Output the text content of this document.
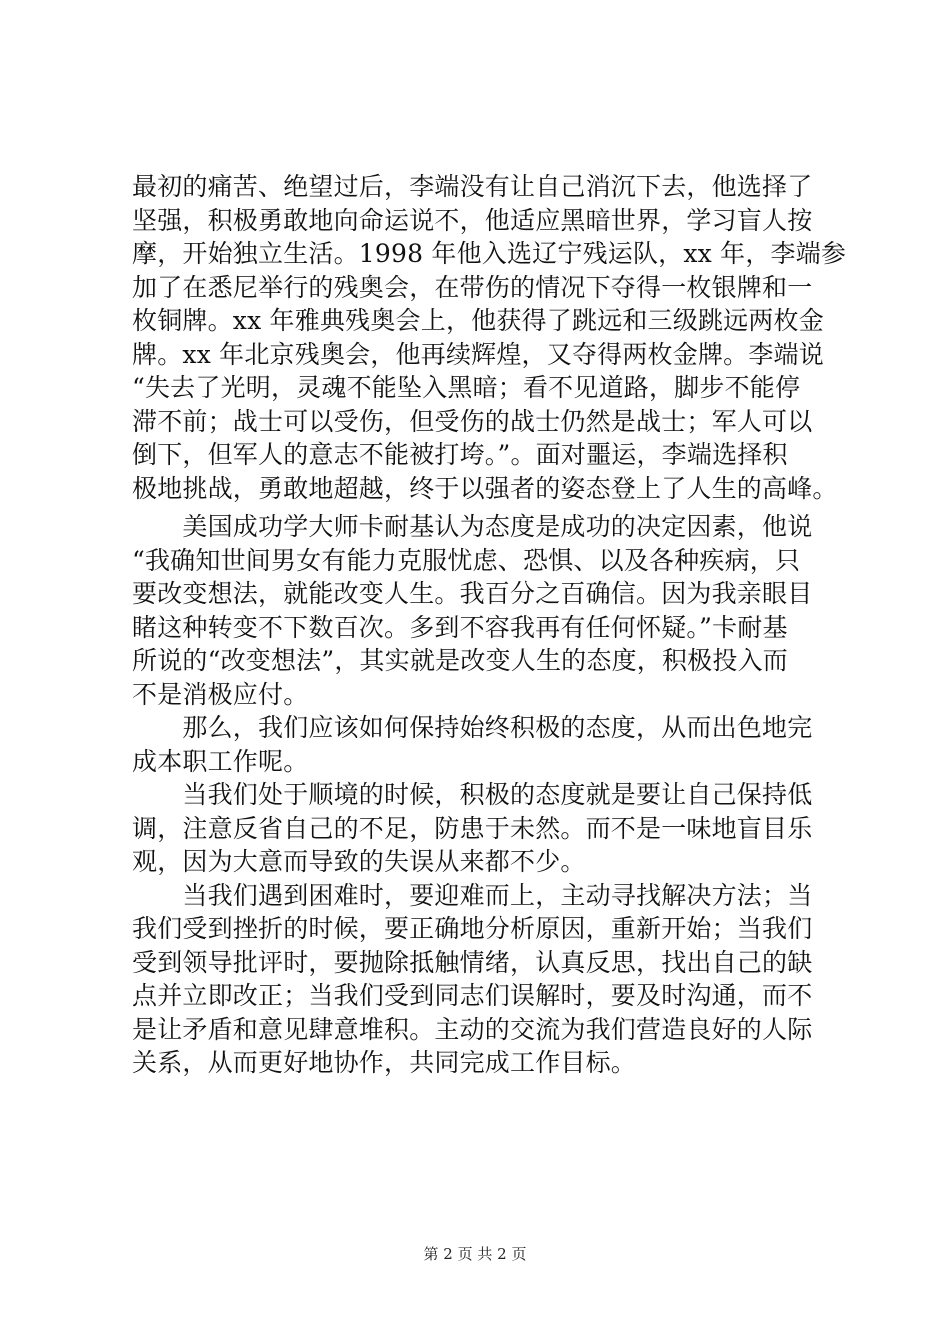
最初的痛苦、绝望过后，李端没有让自己消沉下去，他选择了
坚强，积极勇敢地向命运说不，他适应黑暗世界，学习盲人按
摩，开始独立生活。1998 年他入选辽宁残运队，xx 年，李端参
加了在悉尼举行的残奥会，在带伤的情况下夺得一枚银牌和一
枚铜牌。xx 年雅典残奥会上，他获得了跳远和三级跳远两枚金
牌。xx 年北京残奥会，他再续辉煌，又夺得两枚金牌。李端说
“失去了光明，灵魂不能坠入黑暗；看不见道路，脚步不能停
滞不前；战士可以受伤，但受伤的战士仍然是战士；军人可以
倒下，但军人的意志不能被打垮。”。面对噩运，李端选择积
极地挑战，勇敢地超越，终于以强者的姿态登上了人生的高峰。
　　美国成功学大师卡耐基认为态度是成功的决定因素，他说
“我确知世间男女有能力克服忧虑、恐惧、以及各种疾病，只
要改变想法，就能改变人生。我百分之百确信。因为我亲眼目
睹这种转变不下数百次。多到不容我再有任何怀疑。”卡耐基
所说的“改变想法”，其实就是改变人生的态度，积极投入而
不是消极应付。
　　那么，我们应该如何保持始终积极的态度，从而出色地完
成本职工作呢。
　　当我们处于顺境的时候，积极的态度就是要让自己保持低
调，注意反省自己的不足，防患于未然。而不是一味地盲目乐
观，因为大意而导致的失误从来都不少。
　　当我们遇到困难时，要迎难而上，主动寻找解决方法；当
我们受到挫折的时候，要正确地分析原因，重新开始；当我们
受到领导批评时，要抛除抵触情绪，认真反思，找出自己的缺
点并立即改正；当我们受到同志们误解时，要及时沟通，而不
是让矛盾和意见肆意堆积。主动的交流为我们营造良好的人际
关系，从而更好地协作，共同完成工作目标。
第 2 页 共 2 页
